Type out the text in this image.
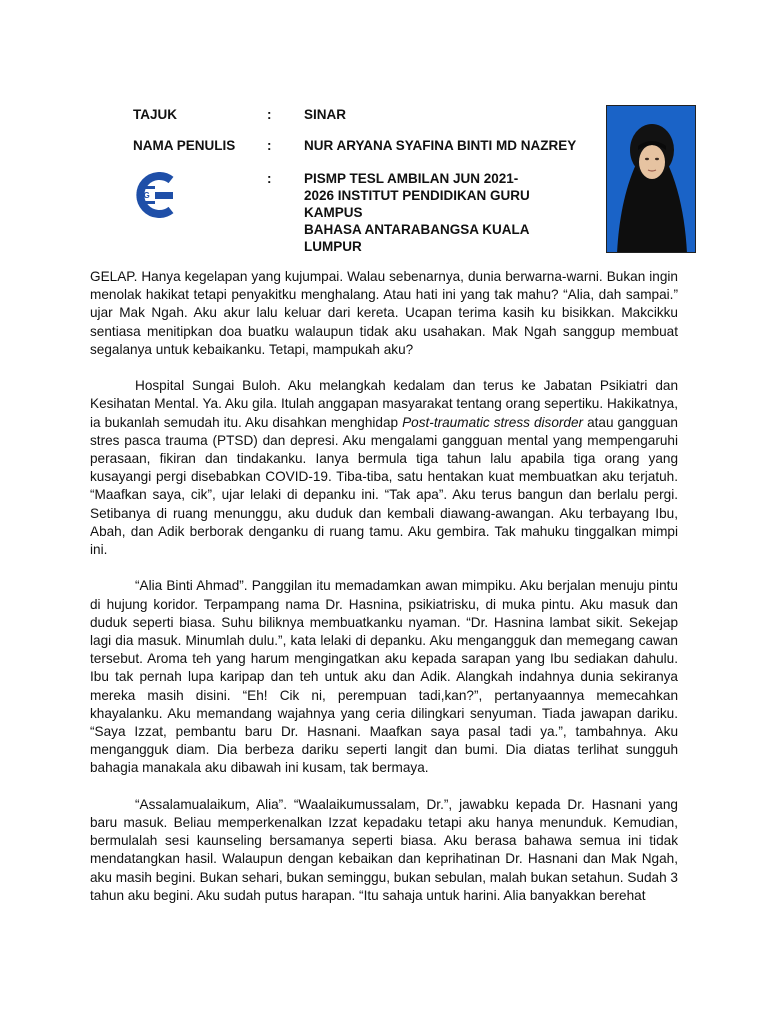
TAJUK	: SINAR
NAMA PENULIS : NUR ARYANA SYAFINA BINTI MD NAZREY
IPG
: PISMP TESL AMBILAN JUN 2021-
2026 INSTITUT PENDIDIKAN GURU
KAMPUS
BAHASA ANTARABANGSA KUALA
LUMPUR

GELAP. Hanya kegelapan yang kujumpai. Walau sebenarnya, dunia berwarna-warni. Bukan ingin menolak hakikat tetapi penyakitku menghalang. Atau hati ini yang tak mahu? “Alia, dah sampai.” ujar Mak Ngah. Aku akur lalu keluar dari kereta. Ucapan terima kasih ku bisikkan. Makcikku sentiasa menitipkan doa buatku walaupun tidak aku usahakan. Mak Ngah sanggup membuat segalanya untuk kebaikanku. Tetapi, mampukah aku?

Hospital Sungai Buloh. Aku melangkah kedalam dan terus ke Jabatan Psikiatri dan Kesihatan Mental. Ya. Aku gila. Itulah anggapan masyarakat tentang orang sepertiku. Hakikatnya, ia bukanlah semudah itu. Aku disahkan menghidap Post-traumatic stress disorder atau gangguan stres pasca trauma (PTSD) dan depresi. Aku mengalami gangguan mental yang mempengaruhi perasaan, fikiran dan tindakanku. Ianya bermula tiga tahun lalu apabila tiga orang yang kusayangi pergi disebabkan COVID-19. Tiba-tiba, satu hentakan kuat membuatkan aku terjatuh. “Maafkan saya, cik”, ujar lelaki di depanku ini. “Tak apa”. Aku terus bangun dan berlalu pergi. Setibanya di ruang menunggu, aku duduk dan kembali diawang-awangan. Aku terbayang Ibu, Abah, dan Adik berborak denganku di ruang tamu. Aku gembira. Tak mahuku tinggalkan mimpi ini.

“Alia Binti Ahmad”. Panggilan itu memadamkan awan mimpiku. Aku berjalan menuju pintu di hujung koridor. Terpampang nama Dr. Hasnina, psikiatrisku, di muka pintu. Aku masuk dan duduk seperti biasa. Suhu biliknya membuatkanku nyaman. “Dr. Hasnina lambat sikit. Sekejap lagi dia masuk. Minumlah dulu.”, kata lelaki di depanku. Aku mengangguk dan memegang cawan tersebut. Aroma teh yang harum mengingatkan aku kepada sarapan yang Ibu sediakan dahulu. Ibu tak pernah lupa karipap dan teh untuk aku dan Adik. Alangkah indahnya dunia sekiranya mereka masih disini. “Eh! Cik ni, perempuan tadi,kan?”, pertanyaannya memecahkan khayalanku. Aku memandang wajahnya yang ceria dilingkari senyuman. Tiada jawapan dariku. “Saya Izzat, pembantu baru Dr. Hasnani. Maafkan saya pasal tadi ya.”, tambahnya. Aku mengangguk diam. Dia berbeza dariku seperti langit dan bumi. Dia diatas terlihat sungguh bahagia manakala aku dibawah ini kusam, tak bermaya.

“Assalamualaikum, Alia”. “Waalaikumussalam, Dr.”, jawabku kepada Dr. Hasnani yang baru masuk. Beliau memperkenalkan Izzat kepadaku tetapi aku hanya menunduk. Kemudian, bermulalah sesi kaunseling bersamanya seperti biasa. Aku berasa bahawa semua ini tidak mendatangkan hasil. Walaupun dengan kebaikan dan keprihatinan Dr. Hasnani dan Mak Ngah, aku masih begini. Bukan sehari, bukan seminggu, bukan sebulan, malah bukan setahun. Sudah 3 tahun aku begini. Aku sudah putus harapan. “Itu sahaja untuk harini. Alia banyakkan berehat
